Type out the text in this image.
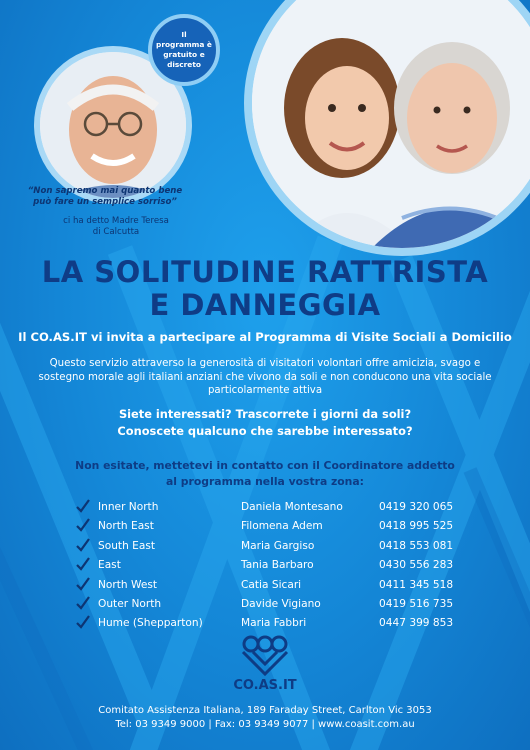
Il programma è gratuito e discreto
“Non sapremo mai quanto bene può fare un semplice sorriso”
ci ha detto Madre Teresa
di Calcutta
LA SOLITUDINE RATTRISTA
E DANNEGGIA
Il CO.AS.IT vi invita a partecipare al Programma di Visite Sociali a Domicilio
Questo servizio attraverso la generosità di visitatori volontari offre amicizia, svago e sostegno morale agli italiani anziani che vivono da soli e non conducono una vita sociale particolarmente attiva
Siete interessati? Trascorrete i giorni da soli?
Conoscete qualcuno che sarebbe interessato?
Non esitate, mettetevi in contatto con il Coordinatore addetto
al programma nella vostra zona:
Inner North	Daniela Montesano	0419 320 065
North East	Filomena Adem	0418 995 525
South East	Maria Gargiso	0418 553 081
East	Tania Barbaro	0430 556 283
North West	Catia Sicari	0411 345 518
Outer North	Davide Vigiano	0419 516 735
Hume (Shepparton)	Maria Fabbri	0447 399 853
CO.AS.IT
Comitato Assistenza Italiana, 189 Faraday Street, Carlton Vic 3053
Tel: 03 9349 9000 | Fax: 03 9349 9077 | www.coasit.com.au
